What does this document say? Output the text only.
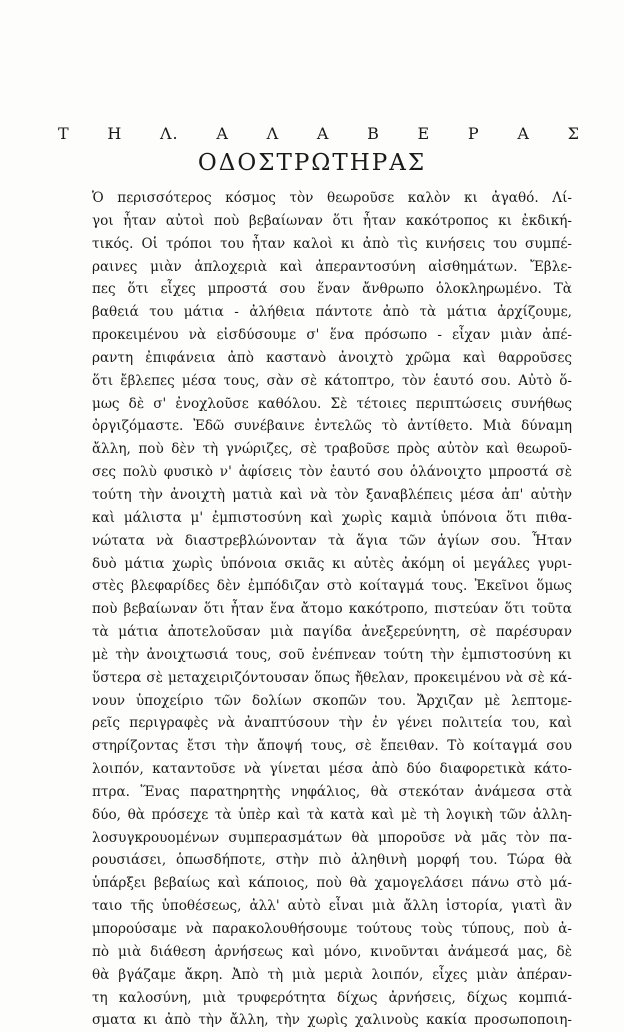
Τ Η Λ. Α Λ Α Β Ε Ρ Α Σ
ΟΔΟΣΤΡΩΤΗΡΑΣ
Ὁ περισσότερος κόσμος τὸν θεωροῦσε καλὸν κι ἀγαθό. Λί-
γοι ἦταν αὐτοὶ ποὺ βεβαίωναν ὅτι ἦταν κακότροπος κι ἐκδική-
τικός. Οἱ τρόποι του ἦταν καλοὶ κι ἀπὸ τὶς κινήσεις του συμπέ-
ραινες μιὰν ἁπλοχεριὰ καὶ ἀπεραντοσύνη αἰσθημάτων. Ἔβλε-
πες ὅτι εἶχες μπροστά σου ἕναν ἄνθρωπο ὁλοκληρωμένο. Τὰ
βαθειά του μάτια - ἀλήθεια πάντοτε ἀπὸ τὰ μάτια ἀρχίζουμε,
προκειμένου νὰ εἰσδύσουμε σ' ἕνα πρόσωπο - εἶχαν μιὰν ἀπέ-
ραντη ἐπιφάνεια ἀπὸ καστανὸ ἀνοιχτὸ χρῶμα καὶ θαρροῦσες
ὅτι ἔβλεπες μέσα τους, σὰν σὲ κάτοπτρο, τὸν ἑαυτό σου. Αὐτὸ ὅ-
μως δὲ σ' ἐνοχλοῦσε καθόλου. Σὲ τέτοιες περιπτώσεις συνήθως
ὀργιζόμαστε. Ἐδῶ συνέβαινε ἐντελῶς τὸ ἀντίθετο. Μιὰ δύναμη
ἄλλη, ποὺ δὲν τὴ γνώριζες, σὲ τραβοῦσε πρὸς αὐτὸν καὶ θεωροῦ-
σες πολὺ φυσικὸ ν' ἀφίσεις τὸν ἑαυτό σου ὁλάνοιχτο μπροστά σὲ
τούτη τὴν ἀνοιχτὴ ματιὰ καὶ νὰ τὸν ξαναβλέπεις μέσα ἀπ' αὐτὴν
καὶ μάλιστα μ' ἐμπιστοσύνη καὶ χωρὶς καμιὰ ὑπόνοια ὅτι πιθα-
νώτατα νὰ διαστρεβλώνονταν τὰ ἅγια τῶν ἁγίων σου. Ἦταν
δυὸ μάτια χωρὶς ὑπόνοια σκιᾶς κι αὐτὲς ἀκόμη οἱ μεγάλες γυρι-
στὲς βλεφαρίδες δὲν ἐμπόδιζαν στὸ κοίταγμά τους. Ἐκεῖνοι ὅμως
ποὺ βεβαίωναν ὅτι ἦταν ἕνα ἄτομο κακότροπο, πιστεύαν ὅτι τοῦτα
τὰ μάτια ἀποτελοῦσαν μιὰ παγίδα ἀνεξερεύνητη, σὲ παρέσυραν
μὲ τὴν ἀνοιχτωσιά τους, σοῦ ἐνέπνεαν τούτη τὴν ἐμπιστοσύνη κι
ὕστερα σὲ μεταχειριζόντουσαν ὅπως ἤθελαν, προκειμένου νὰ σὲ κά-
νουν ὑποχείριο τῶν δολίων σκοπῶν του. Ἄρχιζαν μὲ λεπτομε-
ρεῖς περιγραφὲς νὰ ἀναπτύσουν τὴν ἐν γένει πολιτεία του, καὶ
στηρίζοντας ἔτσι τὴν ἄποψή τους, σὲ ἔπειθαν. Τὸ κοίταγμά σου
λοιπόν, καταντοῦσε νὰ γίνεται μέσα ἀπὸ δύο διαφορετικὰ κάτο-
πτρα. Ἕνας παρατηρητὴς νηφάλιος, θὰ στεκόταν ἀνάμεσα στὰ
δύο, θὰ πρόσεχε τὰ ὑπὲρ καὶ τὰ κατὰ καὶ μὲ τὴ λογικὴ τῶν ἀλλη-
λοσυγκρουομένων συμπερασμάτων θὰ μποροῦσε νὰ μᾶς τὸν πα-
ρουσιάσει, ὁπωσδήποτε, στὴν πιὸ ἀληθινὴ μορφή του. Τώρα θὰ
ὑπάρξει βεβαίως καὶ κάποιος, ποὺ θὰ χαμογελάσει πάνω στὸ μά-
ταιο τῆς ὑποθέσεως, ἀλλ' αὐτὸ εἶναι μιὰ ἄλλη ἱστορία, γιατὶ ἂν
μπορούσαμε νὰ παρακολουθήσουμε τούτους τοὺς τύπους, ποὺ ἀ-
πὸ μιὰ διάθεση ἀρνήσεως καὶ μόνο, κινοῦνται ἀνάμεσά μας, δὲ
θὰ βγάζαμε ἄκρη. Ἀπὸ τὴ μιὰ μεριὰ λοιπόν, εἶχες μιὰν ἀπέραν-
τη καλοσύνη, μιὰ τρυφερότητα δίχως ἀρνήσεις, δίχως κομπιά-
σματα κι ἀπὸ τὴν ἄλλη, τὴν χωρὶς χαλινοὺς κακία προσωποποιη-
